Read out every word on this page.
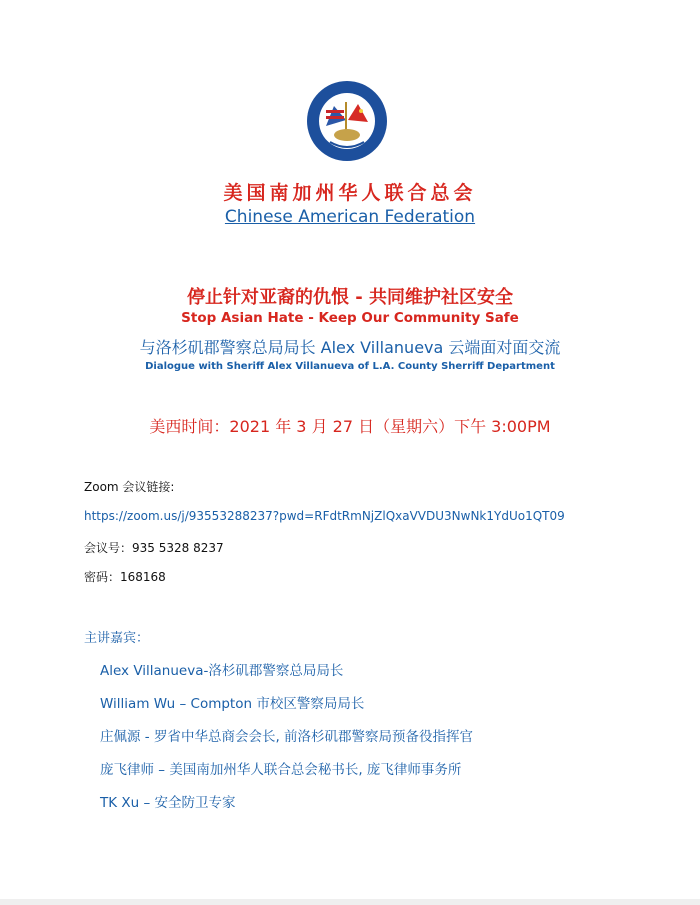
美国南加州华人联合总会
Chinese American Federation
停止针对亚裔的仇恨 - 共同维护社区安全
Stop Asian Hate - Keep Our Community Safe
与洛杉矶郡警察总局局长 Alex Villanueva 云端面对面交流
Dialogue with Sheriff Alex Villanueva of L.A. County Sherriff Department
美西时间：2021 年 3 月 27 日（星期六）下午 3:00PM
Zoom 会议链接:
https://zoom.us/j/93553288237?pwd=RFdtRmNjZlQxaVVDU3NwNk1YdUo1QT09
会议号：935 5328 8237
密码：168168
主讲嘉宾：
Alex Villanueva-洛杉矶郡警察总局局长
William Wu – Compton 市校区警察局局长
庄佩源 - 罗省中华总商会会长, 前洛杉矶郡警察局预备役指挥官
庞飞律师 – 美国南加州华人联合总会秘书长, 庞飞律师事务所
TK Xu – 安全防卫专家
